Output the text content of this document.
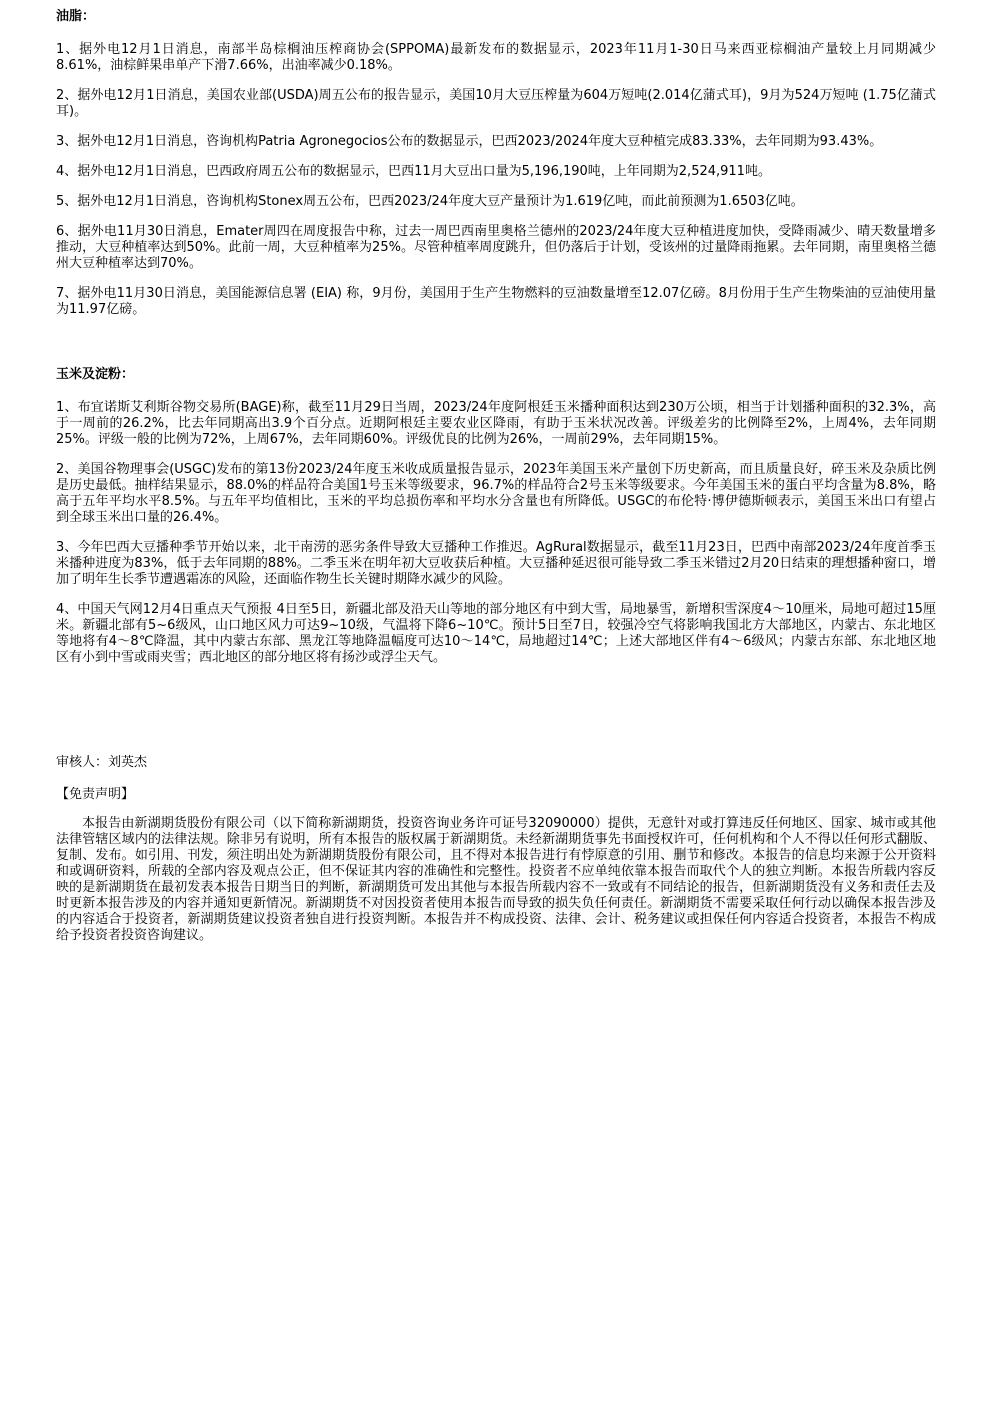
油脂：

1、据外电12月1日消息，南部半岛棕榈油压榨商协会(SPPOMA)最新发布的数据显示，2023年11月1-30日马来西亚棕榈油产量较上月同期减少8.61%，油棕鲜果串单产下滑7.66%，出油率减少0.18%。

2、据外电12月1日消息，美国农业部(USDA)周五公布的报告显示，美国10月大豆压榨量为604万短吨(2.014亿蒲式耳)，9月为524万短吨 (1.75亿蒲式耳)。

3、据外电12月1日消息，咨询机构Patria Agronegocios公布的数据显示，巴西2023/2024年度大豆种植完成83.33%，去年同期为93.43%。

4、据外电12月1日消息，巴西政府周五公布的数据显示，巴西11月大豆出口量为5,196,190吨，上年同期为2,524,911吨。

5、据外电12月1日消息，咨询机构Stonex周五公布，巴西2023/24年度大豆产量预计为1.619亿吨，而此前预测为1.6503亿吨。

6、据外电11月30日消息，Emater周四在周度报告中称，过去一周巴西南里奥格兰德州的2023/24年度大豆种植进度加快，受降雨减少、晴天数量增多推动，大豆种植率达到50%。此前一周，大豆种植率为25%。尽管种植率周度跳升，但仍落后于计划，受该州的过量降雨拖累。去年同期，南里奥格兰德州大豆种植率达到70%。

7、据外电11月30日消息，美国能源信息署 (EIA) 称，9月份，美国用于生产生物燃料的豆油数量增至12.07亿磅。8月份用于生产生物柴油的豆油使用量为11.97亿磅。

玉米及淀粉：

1、布宜诺斯艾利斯谷物交易所(BAGE)称，截至11月29日当周，2023/24年度阿根廷玉米播种面积达到230万公顷，相当于计划播种面积的32.3%，高于一周前的26.2%，比去年同期高出3.9个百分点。近期阿根廷主要农业区降雨，有助于玉米状况改善。评级差劣的比例降至2%，上周4%，去年同期25%。评级一般的比例为72%，上周67%，去年同期60%。评级优良的比例为26%，一周前29%，去年同期15%。

2、美国谷物理事会(USGC)发布的第13份2023/24年度玉米收成质量报告显示，2023年美国玉米产量创下历史新高，而且质量良好，碎玉米及杂质比例是历史最低。抽样结果显示，88.0%的样品符合美国1号玉米等级要求，96.7%的样品符合2号玉米等级要求。今年美国玉米的蛋白平均含量为8.8%，略高于五年平均水平8.5%。与五年平均值相比，玉米的平均总损伤率和平均水分含量也有所降低。USGC的布伦特·博伊德斯顿表示，美国玉米出口有望占到全球玉米出口量的26.4%。

3、今年巴西大豆播种季节开始以来，北干南涝的恶劣条件导致大豆播种工作推迟。AgRural数据显示，截至11月23日，巴西中南部2023/24年度首季玉米播种进度为83%，低于去年同期的88%。二季玉米在明年初大豆收获后种植。大豆播种延迟很可能导致二季玉米错过2月20日结束的理想播种窗口，增加了明年生长季节遭遇霜冻的风险，还面临作物生长关键时期降水减少的风险。

4、中国天气网12月4日重点天气预报 4日至5日，新疆北部及沿天山等地的部分地区有中到大雪，局地暴雪，新增积雪深度4～10厘米，局地可超过15厘米。新疆北部有5~6级风，山口地区风力可达9~10级，气温将下降6~10℃。预计5日至7日，较强冷空气将影响我国北方大部地区，内蒙古、东北地区等地将有4～8℃降温，其中内蒙古东部、黑龙江等地降温幅度可达10～14℃，局地超过14℃；上述大部地区伴有4～6级风；内蒙古东部、东北地区地区有小到中雪或雨夹雪；西北地区的部分地区将有扬沙或浮尘天气。

审核人：刘英杰
【免责声明】

本报告由新湖期货股份有限公司（以下简称新湖期货，投资咨询业务许可证号32090000）提供，无意针对或打算违反任何地区、国家、城市或其他法律管辖区域内的法律法规。除非另有说明，所有本报告的版权属于新湖期货。未经新湖期货事先书面授权许可，任何机构和个人不得以任何形式翻版、复制、发布。如引用、刊发，须注明出处为新湖期货股份有限公司，且不得对本报告进行有悖原意的引用、删节和修改。本报告的信息均来源于公开资料和或调研资料，所载的全部内容及观点公正，但不保证其内容的准确性和完整性。投资者不应单纯依靠本报告而取代个人的独立判断。本报告所载内容反映的是新湖期货在最初发表本报告日期当日的判断，新湖期货可发出其他与本报告所载内容不一致或有不同结论的报告，但新湖期货没有义务和责任去及时更新本报告涉及的内容并通知更新情况。新湖期货不对因投资者使用本报告而导致的损失负任何责任。新湖期货不需要采取任何行动以确保本报告涉及的内容适合于投资者，新湖期货建议投资者独自进行投资判断。本报告并不构成投资、法律、会计、税务建议或担保任何内容适合投资者，本报告不构成给予投资者投资咨询建议。
